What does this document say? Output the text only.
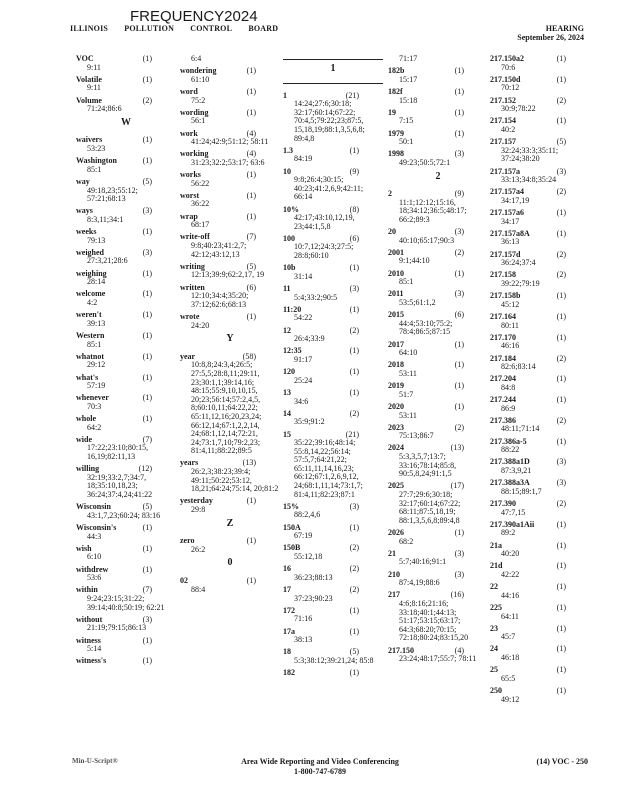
ILLINOIS POLLUTION CONTROL BOARD
FREQUENCY2024
HEARING
September 26, 2024
VOC	(1)
9:11
Volatile	(1)
9:11
Volume	(2)
71:24;86:6
W
waivers	(1)
53:23
Washington	(1)
85:1
way	(5)
49:18,23;55:12; 57:21;68:13
ways	(3)
8:3,11;34:1
weeks	(1)
79:13
weighed	(3)
27:3,21;28:6
weighing	(1)
28:14
welcome	(1)
4:2
weren't	(1)
39:13
Western	(1)
85:1
whatnot	(1)
29:12
what's	(1)
57:19
whenever	(1)
70:3
whole	(1)
64:2
wide	(7)
17:22;23:10;80:15, 16,19;82:11,13
willing	(12)
32:19;33:2,7;34:7, 18;35:10,18,23; 36:24;37:4,24;41:22
Wisconsin	(5)
43:1,7,23;60:24; 83:16
Wisconsin's	(1)
44:3
wish	(1)
6:10
withdrew	(1)
53:6
within	(7)
9:24;23:15;31:22; 39:14;40:8;50:19; 62:21
without	(3)
21:19;79:15;86:13
witness	(1)
5:14
witness's	(1)
6:4
wondering	(1)
61:10
word	(1)
75:2
wording	(1)
56:1
work	(4)
41:24;42:9;51:12; 58:11
working	(4)
31:23;32:2;53:17; 63:6
works	(1)
56:22
worst	(1)
36:22
wrap	(1)
68:17
write-off	(7)
9:8;40:23;41:2,7; 42:12;43:12,13
writing	(5)
12:13;39:9;62:2,17, 19
written	(6)
12:10;34:4;35:20; 37:12;62:6;68:13
wrote	(1)
24:20
Y
year	(58)
10:8,8;24:3,4;26:5; 27:5,5;28:8,11;29:11, 23;30:1,1;39:14,16; 48:15;55:9,10,10,15, 20;23;56:14;57:2,4,5, 8;60:10,11;64:22,22; 65:11,12,16;20,23,24; 66:12,14;67:1,2,2,14, 24;68:1,12,14;72:21, 24;73:1,7,10;79:2,23; 81:4,11;88:22;89:5
years	(13)
26:2,3;38:23;39:4; 49:11;50:22;53:12, 18,21;64:24;75:14, 20;81:2
yesterday	(1)
29:8
Z
zero	(1)
26:2
0
02	(1)
88:4
1
1	(21)
14:24;27:6;30:18; 32:17;60:14;67:22; 70:4,5;79:22;23;87:5, 15,18,19;88:1,3,5,6,8; 89:4,8
1.3	(1)
84:19
10	(9)
9:8;26:4;30:15; 40:23;41:2,6,9;42:11; 66:14
10%	(8)
42:17;43:10,12,19, 23;44:1,5,8
100	(6)
10:7,12;24:3;27:5; 28:8;60:10
10b	(1)
31:14
11	(3)
5:4;33:2;90:5
11:20	(1)
54:22
12	(2)
26:4;33:9
12:35	(1)
91:17
120	(1)
25:24
13	(1)
34:6
14	(2)
35:9;91:2
15	(21)
35:22;39:16;48:14; 55:8,14,22;56:14; 57:5,7;64:21,22; 65:11,11,14,16,23; 66:12;67:1,2,6,9,12, 24;68:1,11,14;73:1,7; 81:4,11;82:23;87:1
15%	(3)
88:2,4,6
150A	(1)
67:19
150B	(2)
55:12,18
16	(2)
36:23;88:13
17	(2)
37:23;90:23
172	(1)
71:16
17a	(1)
38:13
18	(5)
5:3;38:12;39:21,24; 85:8
182	(1)
71:17
182b	(1)
15:17
182f	(1)
15:18
19	(1)
7:15
1979	(1)
50:1
1998	(3)
49:23;50:5;72:1
2
2	(9)
11:1;12:12;15:16, 18;34:12;36:5;48:17; 66:2;89:3
20	(3)
40:10;65:17;90:3
2001	(2)
9:1;44:10
2010	(1)
85:1
2011	(3)
53:5;61:1,2
2015	(6)
44:4;53:10;75:2; 78:4;86:5;87:15
2017	(1)
64:10
2018	(1)
53:11
2019	(1)
51:7
2020	(1)
53:11
2023	(2)
75:13;86:7
2024	(13)
5:3,3,5,7;13:7; 33:16;78:14;85:8, 90:5,8,24;91:1,5
2025	(17)
27:7;29:6;30:18; 32:17;60:14;67:22; 68:11;87:5,18,19; 88:1,3,5,6,8;89:4,8
2026	(1)
68:2
21	(3)
5:7;40:16;91:1
210	(3)
87:4,19;88:6
217	(16)
4:6;8:16;21:16; 33:18;40:1;44:13; 51:17;53:15;63:17; 64:3;68:20;70:15; 72:18;80:24;83:15,20
217.150	(4)
23:24;48:17;55:7; 78:11
217.150a2	(1)
70:6
217.150d	(1)
70:12
217.152	(2)
30:9;78:22
217.154	(1)
40:2
217.157	(5)
32:24;33:3;35:11; 37:24;38:20
217.157a	(3)
33:13;34:8;35:24
217.157a4	(2)
34:17,19
217.157a6	(1)
34:17
217.157a8A	(1)
36:13
217.157d	(2)
36:24;37:4
217.158	(2)
39:22;79:19
217.158b	(1)
45:12
217.164	(1)
80:11
217.170	(1)
46:16
217.184	(2)
82:6;83:14
217.204	(1)
84:8
217.244	(1)
86:9
217.386	(2)
48:11;71:14
217.386a-5	(1)
88:22
217.388a1D	(3)
87:3,9,21
217.388a3A	(3)
88:15;89:1,7
217.390	(2)
47:7,15
217.390a1Aii	(1)
89:2
21a	(1)
40:20
21d	(1)
42:22
22	(1)
44:16
225	(1)
64:11
23	(1)
45:7
24	(1)
46:18
25	(1)
65:5
250	(1)
49:12
Min-U-Script®	Area Wide Reporting and Video Conferencing
1-800-747-6789
(14) VOC - 250
